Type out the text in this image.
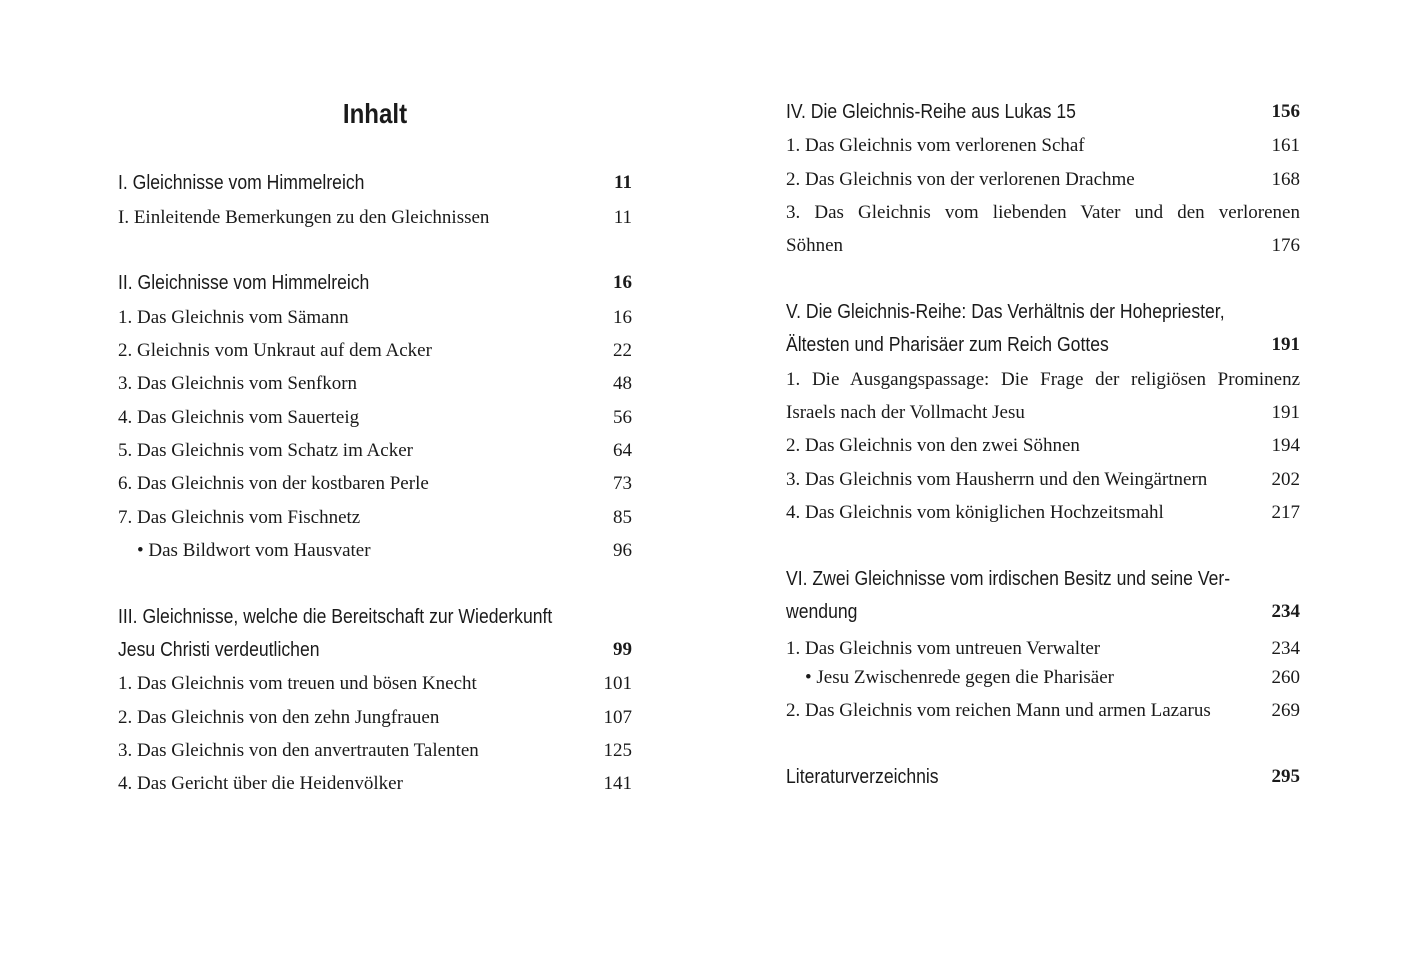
Inhalt
I. Gleichnisse vom Himmelreich	11
I. Einleitende Bemerkungen zu den Gleichnissen	11
II. Gleichnisse vom Himmelreich	16
1. Das Gleichnis vom Sämann	16
2. Gleichnis vom Unkraut auf dem Acker	22
3. Das Gleichnis vom Senfkorn	48
4. Das Gleichnis vom Sauerteig	56
5. Das Gleichnis vom Schatz im Acker	64
6. Das Gleichnis von der kostbaren Perle	73
7. Das Gleichnis vom Fischnetz	85
• Das Bildwort vom Hausvater	96
III. Gleichnisse, welche die Bereitschaft zur Wiederkunft
Jesu Christi verdeutlichen	99
1. Das Gleichnis vom treuen und bösen Knecht	101
2. Das Gleichnis von den zehn Jungfrauen	107
3. Das Gleichnis von den anvertrauten Talenten	125
4. Das Gericht über die Heidenvölker	141
IV. Die Gleichnis-Reihe aus Lukas 15	156
1. Das Gleichnis vom verlorenen Schaf	161
2. Das Gleichnis von der verlorenen Drachme	168
3. Das Gleichnis vom liebenden Vater und den verlorenen
Söhnen	176
V. Die Gleichnis-Reihe: Das Verhältnis der Hohepriester,
Ältesten und Pharisäer zum Reich Gottes	191
1. Die Ausgangspassage: Die Frage der religiösen Prominenz
Israels nach der Vollmacht Jesu	191
2. Das Gleichnis von den zwei Söhnen	194
3. Das Gleichnis vom Hausherrn und den Weingärtnern	202
4. Das Gleichnis vom königlichen Hochzeitsmahl	217
VI. Zwei Gleichnisse vom irdischen Besitz und seine Ver-
wendung	234
1. Das Gleichnis vom untreuen Verwalter	234
• Jesu Zwischenrede gegen die Pharisäer	260
2. Das Gleichnis vom reichen Mann und armen Lazarus	269
Literaturverzeichnis	295
